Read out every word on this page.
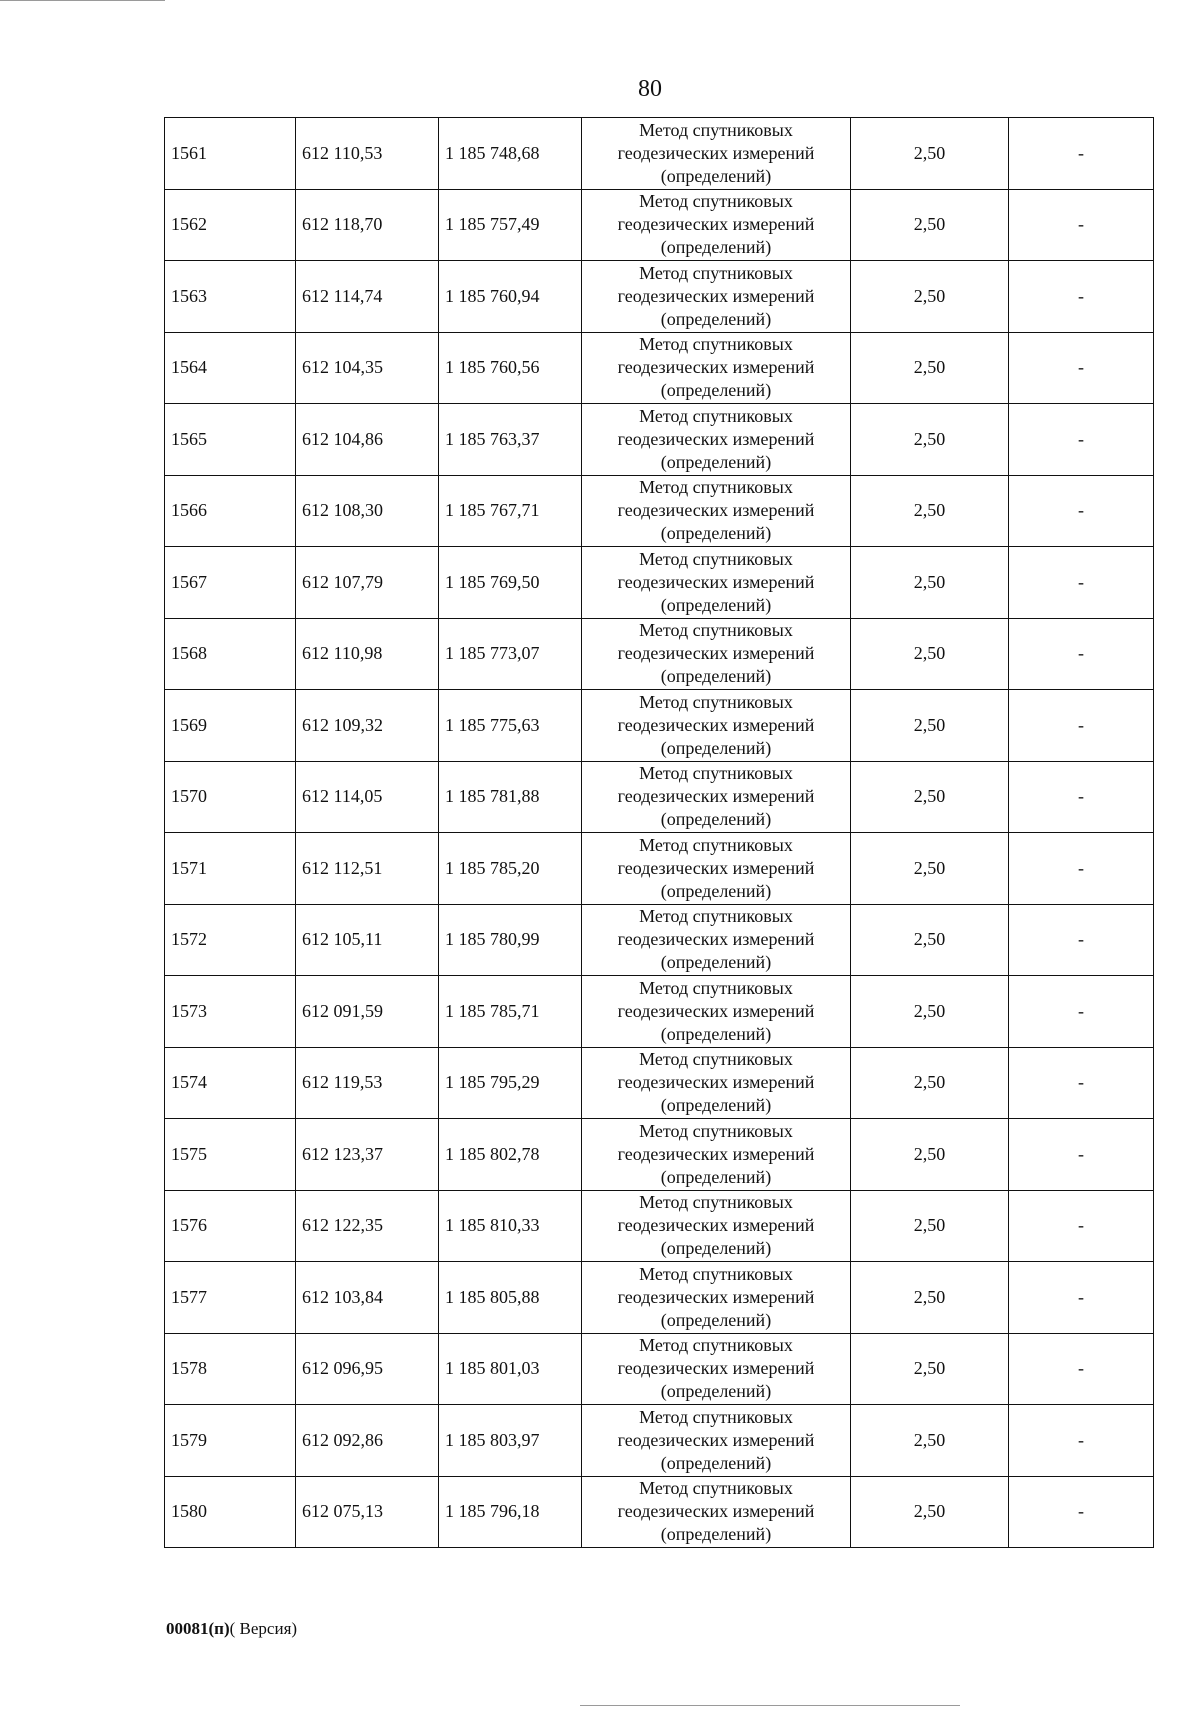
80
1561	612 110,53	1 185 748,68	Метод спутниковых
геодезических измерений
(определений)	2,50	-
1562	612 118,70	1 185 757,49	Метод спутниковых
геодезических измерений
(определений)	2,50	-
1563	612 114,74	1 185 760,94	Метод спутниковых
геодезических измерений
(определений)	2,50	-
1564	612 104,35	1 185 760,56	Метод спутниковых
геодезических измерений
(определений)	2,50	-
1565	612 104,86	1 185 763,37	Метод спутниковых
геодезических измерений
(определений)	2,50	-
1566	612 108,30	1 185 767,71	Метод спутниковых
геодезических измерений
(определений)	2,50	-
1567	612 107,79	1 185 769,50	Метод спутниковых
геодезических измерений
(определений)	2,50	-
1568	612 110,98	1 185 773,07	Метод спутниковых
геодезических измерений
(определений)	2,50	-
1569	612 109,32	1 185 775,63	Метод спутниковых
геодезических измерений
(определений)	2,50	-
1570	612 114,05	1 185 781,88	Метод спутниковых
геодезических измерений
(определений)	2,50	-
1571	612 112,51	1 185 785,20	Метод спутниковых
геодезических измерений
(определений)	2,50	-
1572	612 105,11	1 185 780,99	Метод спутниковых
геодезических измерений
(определений)	2,50	-
1573	612 091,59	1 185 785,71	Метод спутниковых
геодезических измерений
(определений)	2,50	-
1574	612 119,53	1 185 795,29	Метод спутниковых
геодезических измерений
(определений)	2,50	-
1575	612 123,37	1 185 802,78	Метод спутниковых
геодезических измерений
(определений)	2,50	-
1576	612 122,35	1 185 810,33	Метод спутниковых
геодезических измерений
(определений)	2,50	-
1577	612 103,84	1 185 805,88	Метод спутниковых
геодезических измерений
(определений)	2,50	-
1578	612 096,95	1 185 801,03	Метод спутниковых
геодезических измерений
(определений)	2,50	-
1579	612 092,86	1 185 803,97	Метод спутниковых
геодезических измерений
(определений)	2,50	-
1580	612 075,13	1 185 796,18	Метод спутниковых
геодезических измерений
(определений)	2,50	-
00081(п)( Версия)
